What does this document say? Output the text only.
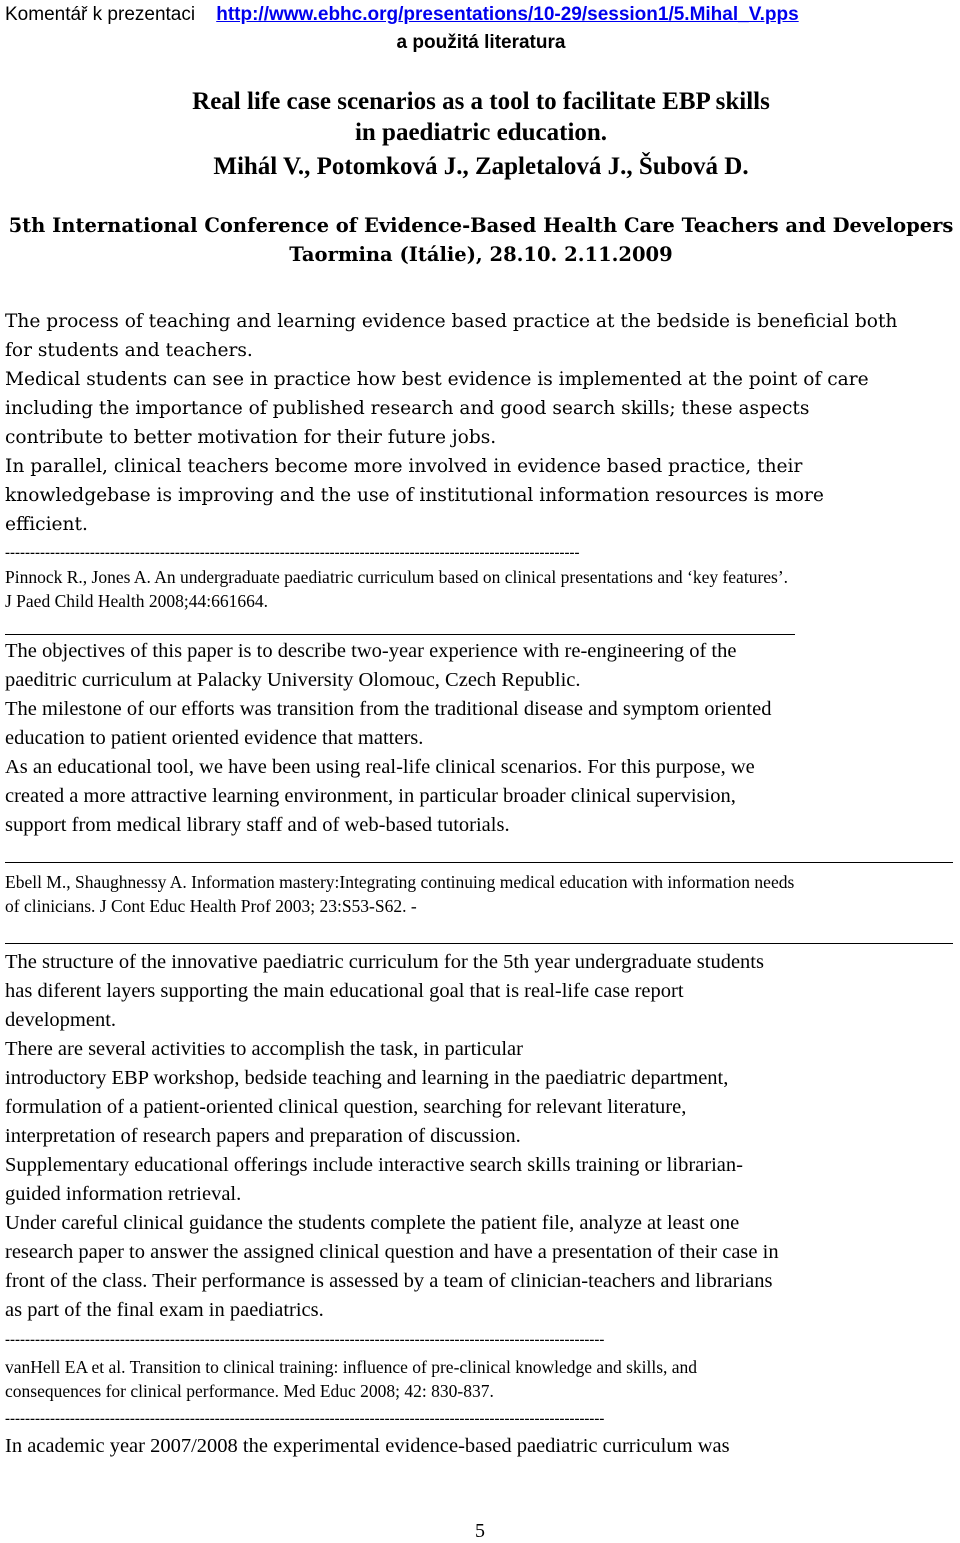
Komentář k prezentaci http://www.ebhc.org/presentations/10-29/session1/5.Mihal_V.pps
a použitá literatura
Real life case scenarios as a tool to facilitate EBP skills
in paediatric education.
Mihál V., Potomková J., Zapletalová J., Šubová D.
5th International Conference of Evidence-Based Health Care Teachers and Developers
Taormina (Itálie), 28.10. 2.11.2009
The process of teaching and learning evidence based practice at the bedside is beneficial both
for students and teachers.
Medical students can see in practice how best evidence is implemented at the point of care
including the importance of published research and good search skills; these aspects
contribute to better motivation for their future jobs.
In parallel, clinical teachers become more involved in evidence based practice, their
knowledgebase is improving and the use of institutional information resources is more
efficient.
-------------------------------------------------------------------------------------------------------------------
Pinnock R., Jones A. An undergraduate paediatric curriculum based on clinical presentations and ‘key features’.
J Paed Child Health 2008;44:661664.
The objectives of this paper is to describe two-year experience with re-engineering of the
paeditric curriculum at Palacky University Olomouc, Czech Republic.
The milestone of our efforts was transition from the traditional disease and symptom oriented
education to patient oriented evidence that matters.
As an educational tool, we have been using real-life clinical scenarios. For this purpose, we
created a more attractive learning environment, in particular broader clinical supervision,
support from medical library staff and of web-based tutorials.
Ebell M., Shaughnessy A. Information mastery:Integrating continuing medical education with information needs
of clinicians. J Cont Educ Health Prof 2003; 23:S53-S62. -
The structure of the innovative paediatric curriculum for the 5th year undergraduate students
has diferent layers supporting the main educational goal that is real-life case report
development.
There are several activities to accomplish the task, in particular
introductory EBP workshop, bedside teaching and learning in the paediatric department,
formulation of a patient-oriented clinical question, searching for relevant literature,
interpretation of research papers and preparation of discussion.
Supplementary educational offerings include interactive search skills training or librarian-
guided information retrieval.
Under careful clinical guidance the students complete the patient file, analyze at least one
research paper to answer the assigned clinical question and have a presentation of their case in
front of the class. Their performance is assessed by a team of clinician-teachers and librarians
as part of the final exam in paediatrics.
------------------------------------------------------------------------------------------------------------------------
vanHell EA et al. Transition to clinical training: influence of pre-clinical knowledge and skills, and
consequences for clinical performance. Med Educ 2008; 42: 830-837.
------------------------------------------------------------------------------------------------------------------------
In academic year 2007/2008 the experimental evidence-based paediatric curriculum was
5
